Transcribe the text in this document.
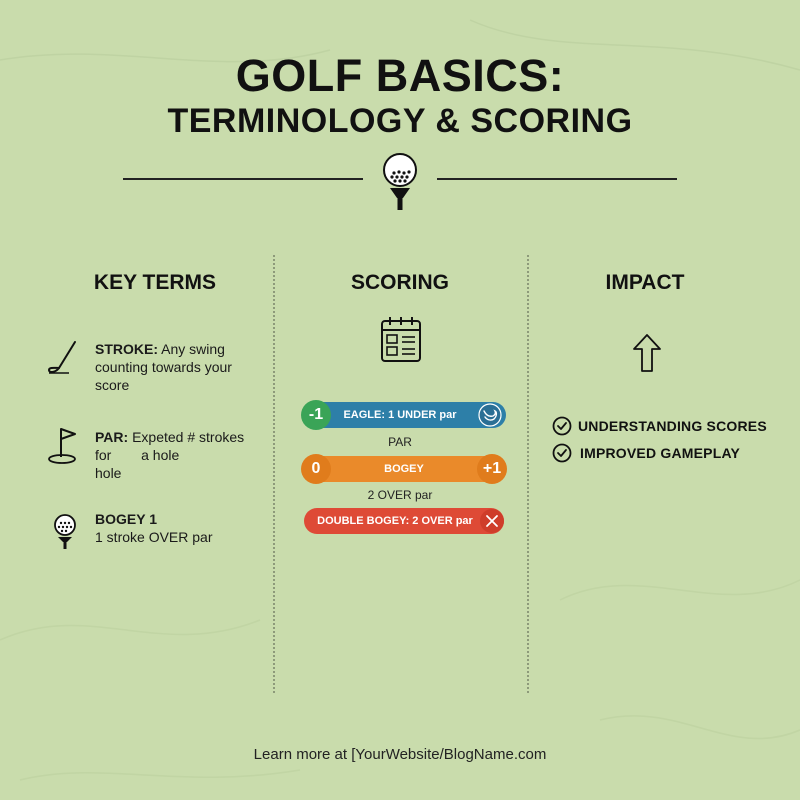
GOLF BASICS:
TERMINOLOGY & SCORING
KEY TERMS
STROKE: Any swing
counting towards your
score
PAR: Expeted # strokes
for a hole
hole
BOGEY 1
1 stroke OVER par
SCORING
EAGLE: 1 UNDER par
-1
PAR
BOGEY
0	+1
2 OVER par
DOUBLE BOGEY: 2 OVER par
IMPACT
UNDERSTANDING SCORES
IMPROVED GAMEPLAY
Learn more at [YourWebsite/BlogName.com
